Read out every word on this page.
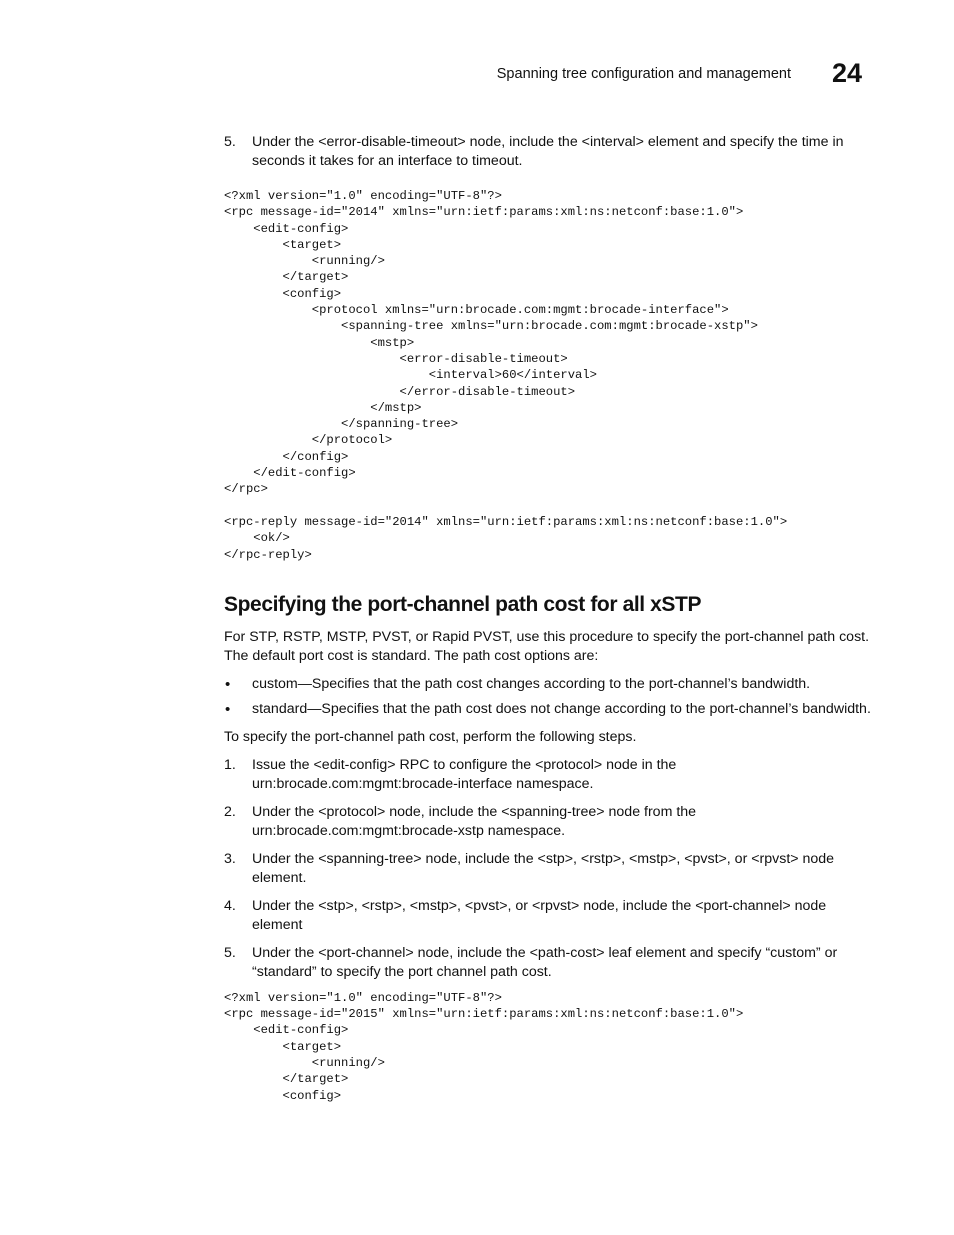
Spanning tree configuration and management 24
5. Under the <error-disable-timeout> node, include the <interval> element and specify the time in seconds it takes for an interface to timeout.
<?xml version="1.0" encoding="UTF-8"?>
<rpc message-id="2014" xmlns="urn:ietf:params:xml:ns:netconf:base:1.0">
<edit-config>
<target>
<running/>
</target>
<config>
<protocol xmlns="urn:brocade.com:mgmt:brocade-interface">
<spanning-tree xmlns="urn:brocade.com:mgmt:brocade-xstp">
<mstp>
<error-disable-timeout>
<interval>60</interval>
</error-disable-timeout>
</mstp>
</spanning-tree>
</protocol>
</config>
</edit-config>
</rpc>
<rpc-reply message-id="2014" xmlns="urn:ietf:params:xml:ns:netconf:base:1.0">
<ok/>
</rpc-reply>
Specifying the port-channel path cost for all xSTP

For STP, RSTP, MSTP, PVST, or Rapid PVST, use this procedure to specify the port-channel path cost. The default port cost is standard. The path cost options are:

• custom—Specifies that the path cost changes according to the port-channel’s bandwidth.
• standard—Specifies that the path cost does not change according to the port-channel’s bandwidth.

To specify the port-channel path cost, perform the following steps.

1. Issue the <edit-config> RPC to configure the <protocol> node in the urn:brocade.com:mgmt:brocade-interface namespace.
2. Under the <protocol> node, include the <spanning-tree> node from the urn:brocade.com:mgmt:brocade-xstp namespace.
3. Under the <spanning-tree> node, include the <stp>, <rstp>, <mstp>, <pvst>, or <rpvst> node element.
4. Under the <stp>, <rstp>, <mstp>, <pvst>, or <rpvst> node, include the <port-channel> node element
5. Under the <port-channel> node, include the <path-cost> leaf element and specify “custom” or “standard” to specify the port channel path cost.
<?xml version="1.0" encoding="UTF-8"?>
<rpc message-id="2015" xmlns="urn:ietf:params:xml:ns:netconf:base:1.0">
<edit-config>
<target>
<running/>
</target>
<config>
